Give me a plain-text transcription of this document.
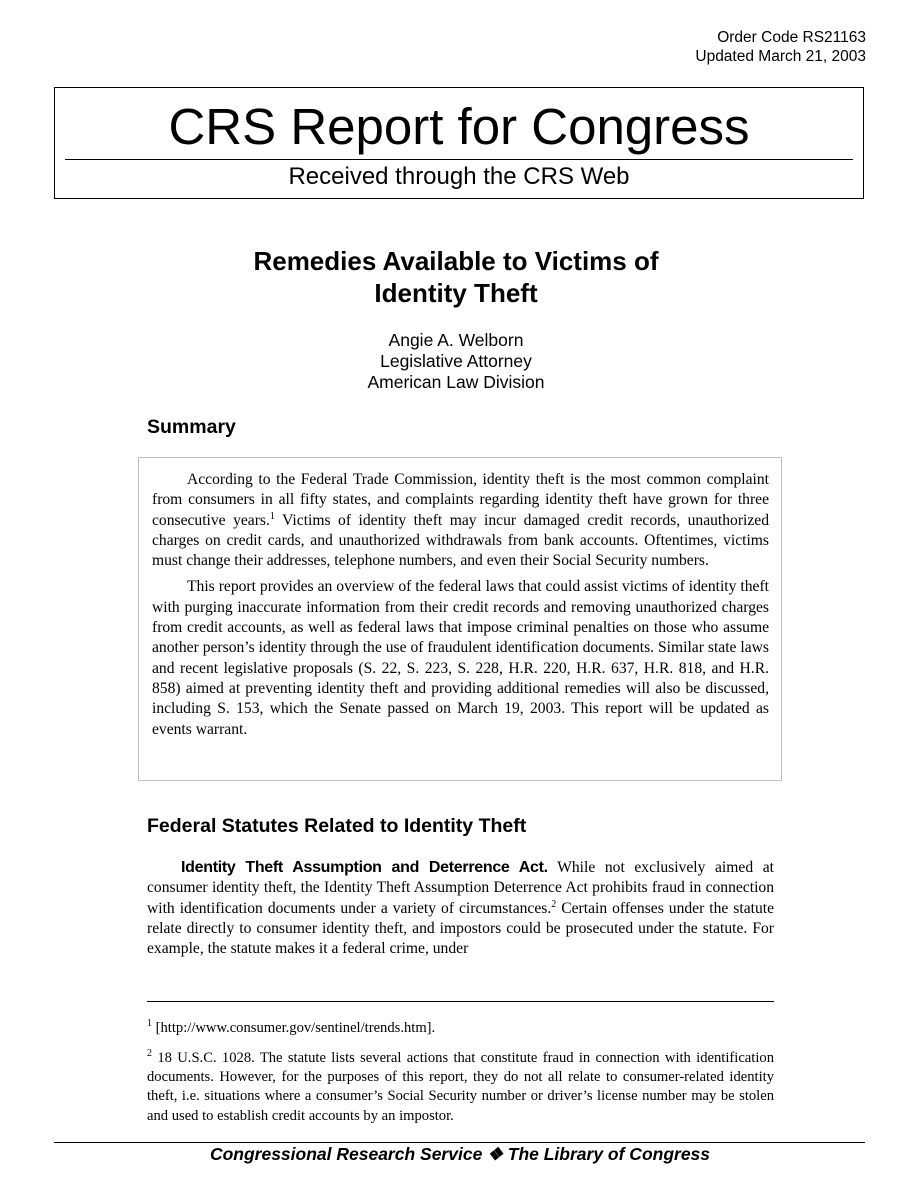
Order Code RS21163
Updated March 21, 2003
CRS Report for Congress
Received through the CRS Web
Remedies Available to Victims of
Identity Theft
Angie A. Welborn
Legislative Attorney
American Law Division
Summary

According to the Federal Trade Commission, identity theft is the most common complaint from consumers in all fifty states, and complaints regarding identity theft have grown for three consecutive years.$^1$ Victims of identity theft may incur damaged credit records, unauthorized charges on credit cards, and unauthorized withdrawals from bank accounts. Oftentimes, victims must change their addresses, telephone numbers, and even their Social Security numbers.

This report provides an overview of the federal laws that could assist victims of identity theft with purging inaccurate information from their credit records and removing unauthorized charges from credit accounts, as well as federal laws that impose criminal penalties on those who assume another person’s identity through the use of fraudulent identification documents. Similar state laws and recent legislative proposals (S. 22, S. 223, S. 228, H.R. 220, H.R. 637, H.R. 818, and H.R. 858) aimed at preventing identity theft and providing additional remedies will also be discussed, including S. 153, which the Senate passed on March 19, 2003. This report will be updated as events warrant.

Federal Statutes Related to Identity Theft

Identity Theft Assumption and Deterrence Act. While not exclusively aimed at consumer identity theft, the Identity Theft Assumption Deterrence Act prohibits fraud in connection with identification documents under a variety of circumstances.$^2$ Certain offenses under the statute relate directly to consumer identity theft, and impostors could be prosecuted under the statute. For example, the statute makes it a federal crime, under

$^1$ [http://www.consumer.gov/sentinel/trends.htm].

$^2$ 18 U.S.C. 1028. The statute lists several actions that constitute fraud in connection with identification documents. However, for the purposes of this report, they do not all relate to consumer-related identity theft, i.e. situations where a consumer’s Social Security number or driver’s license number may be stolen and used to establish credit accounts by an impostor.

Congressional Research Service ❖ The Library of Congress
